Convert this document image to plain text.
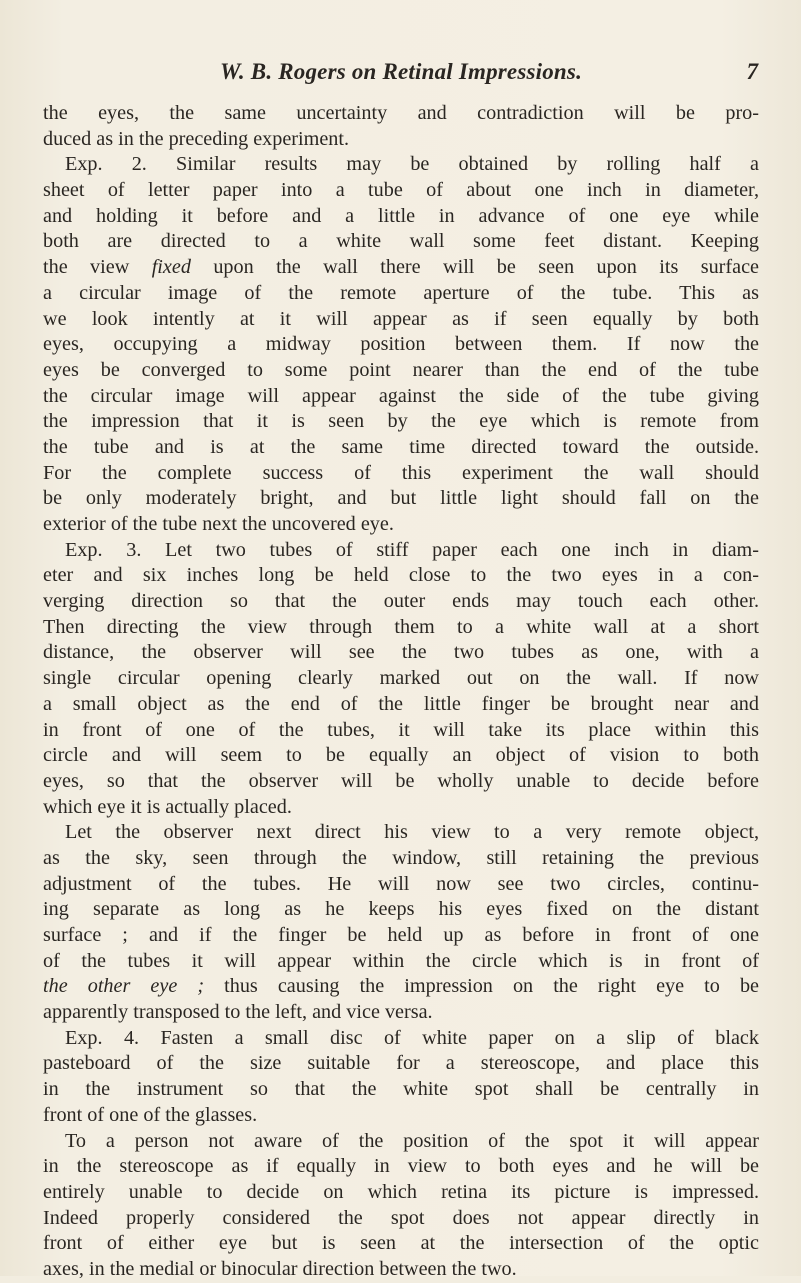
W. B. Rogers on Retinal Impressions.	7
the eyes, the same uncertainty and contradiction will be pro-
duced as in the preceding experiment.
Exp. 2. Similar results may be obtained by rolling half a
sheet of letter paper into a tube of about one inch in diameter,
and holding it before and a little in advance of one eye while
both are directed to a white wall some feet distant. Keeping
the view fixed upon the wall there will be seen upon its surface
a circular image of the remote aperture of the tube. This as
we look intently at it will appear as if seen equally by both
eyes, occupying a midway position between them. If now the
eyes be converged to some point nearer than the end of the tube
the circular image will appear against the side of the tube giving
the impression that it is seen by the eye which is remote from
the tube and is at the same time directed toward the outside.
For the complete success of this experiment the wall should
be only moderately bright, and but little light should fall on the
exterior of the tube next the uncovered eye.
Exp. 3. Let two tubes of stiff paper each one inch in diam-
eter and six inches long be held close to the two eyes in a con-
verging direction so that the outer ends may touch each other.
Then directing the view through them to a white wall at a short
distance, the observer will see the two tubes as one, with a
single circular opening clearly marked out on the wall. If now
a small object as the end of the little finger be brought near and
in front of one of the tubes, it will take its place within this
circle and will seem to be equally an object of vision to both
eyes, so that the observer will be wholly unable to decide before
which eye it is actually placed.
Let the observer next direct his view to a very remote object,
as the sky, seen through the window, still retaining the previous
adjustment of the tubes. He will now see two circles, continu-
ing separate as long as he keeps his eyes fixed on the distant
surface ; and if the finger be held up as before in front of one
of the tubes it will appear within the circle which is in front of
the other eye ; thus causing the impression on the right eye to be
apparently transposed to the left, and vice versa.
Exp. 4. Fasten a small disc of white paper on a slip of black
pasteboard of the size suitable for a stereoscope, and place this
in the instrument so that the white spot shall be centrally in
front of one of the glasses.
To a person not aware of the position of the spot it will appear
in the stereoscope as if equally in view to both eyes and he will be
entirely unable to decide on which retina its picture is impressed.
Indeed properly considered the spot does not appear directly in
front of either eye but is seen at the intersection of the optic
axes, in the medial or binocular direction between the two.
